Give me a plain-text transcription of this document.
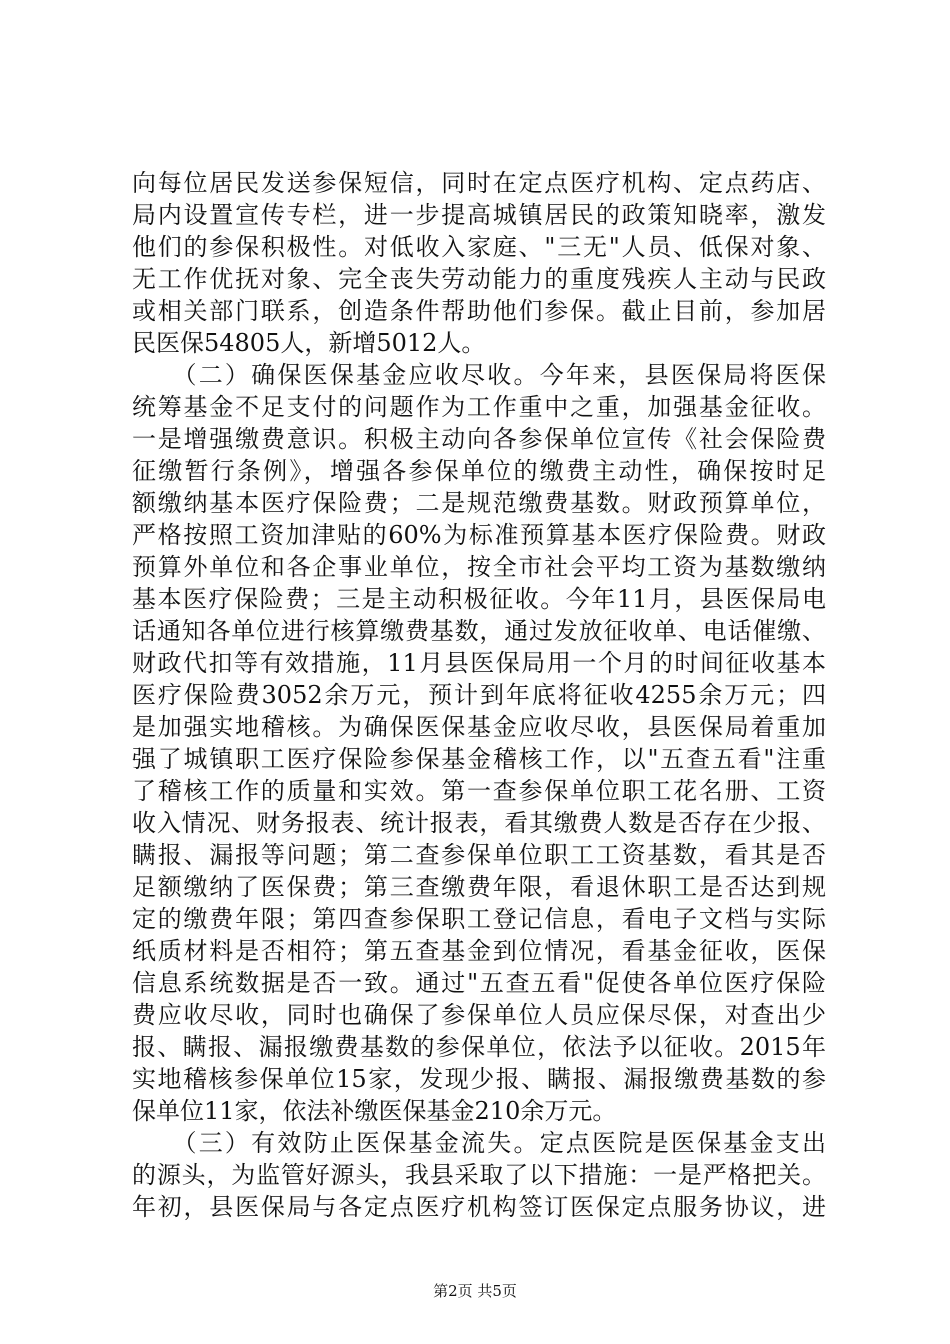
向每位居民发送参保短信，同时在定点医疗机构、定点药店、
局内设置宣传专栏，进一步提高城镇居民的政策知晓率，激发
他们的参保积极性。对低收入家庭、"三无"人员、低保对象、
无工作优抚对象、完全丧失劳动能力的重度残疾人主动与民政
或相关部门联系，创造条件帮助他们参保。截止目前，参加居
民医保54805人，新增5012人。
　　（二）确保医保基金应收尽收。今年来，县医保局将医保
统筹基金不足支付的问题作为工作重中之重，加强基金征收。
一是增强缴费意识。积极主动向各参保单位宣传《社会保险费
征缴暂行条例》，增强各参保单位的缴费主动性，确保按时足
额缴纳基本医疗保险费；二是规范缴费基数。财政预算单位，
严格按照工资加津贴的60%为标准预算基本医疗保险费。财政
预算外单位和各企事业单位，按全市社会平均工资为基数缴纳
基本医疗保险费；三是主动积极征收。今年11月，县医保局电
话通知各单位进行核算缴费基数，通过发放征收单、电话催缴、
财政代扣等有效措施，11月县医保局用一个月的时间征收基本
医疗保险费3052余万元，预计到年底将征收4255余万元；四
是加强实地稽核。为确保医保基金应收尽收，县医保局着重加
强了城镇职工医疗保险参保基金稽核工作，以"五查五看"注重
了稽核工作的质量和实效。第一查参保单位职工花名册、工资
收入情况、财务报表、统计报表，看其缴费人数是否存在少报、
瞒报、漏报等问题；第二查参保单位职工工资基数，看其是否
足额缴纳了医保费；第三查缴费年限，看退休职工是否达到规
定的缴费年限；第四查参保职工登记信息，看电子文档与实际
纸质材料是否相符；第五查基金到位情况，看基金征收，医保
信息系统数据是否一致。通过"五查五看"促使各单位医疗保险
费应收尽收，同时也确保了参保单位人员应保尽保，对查出少
报、瞒报、漏报缴费基数的参保单位，依法予以征收。2015年
实地稽核参保单位15家，发现少报、瞒报、漏报缴费基数的参
保单位11家，依法补缴医保基金210余万元。
　　（三）有效防止医保基金流失。定点医院是医保基金支出
的源头，为监管好源头，我县采取了以下措施：一是严格把关。
年初，县医保局与各定点医疗机构签订医保定点服务协议，进
第2页 共5页
